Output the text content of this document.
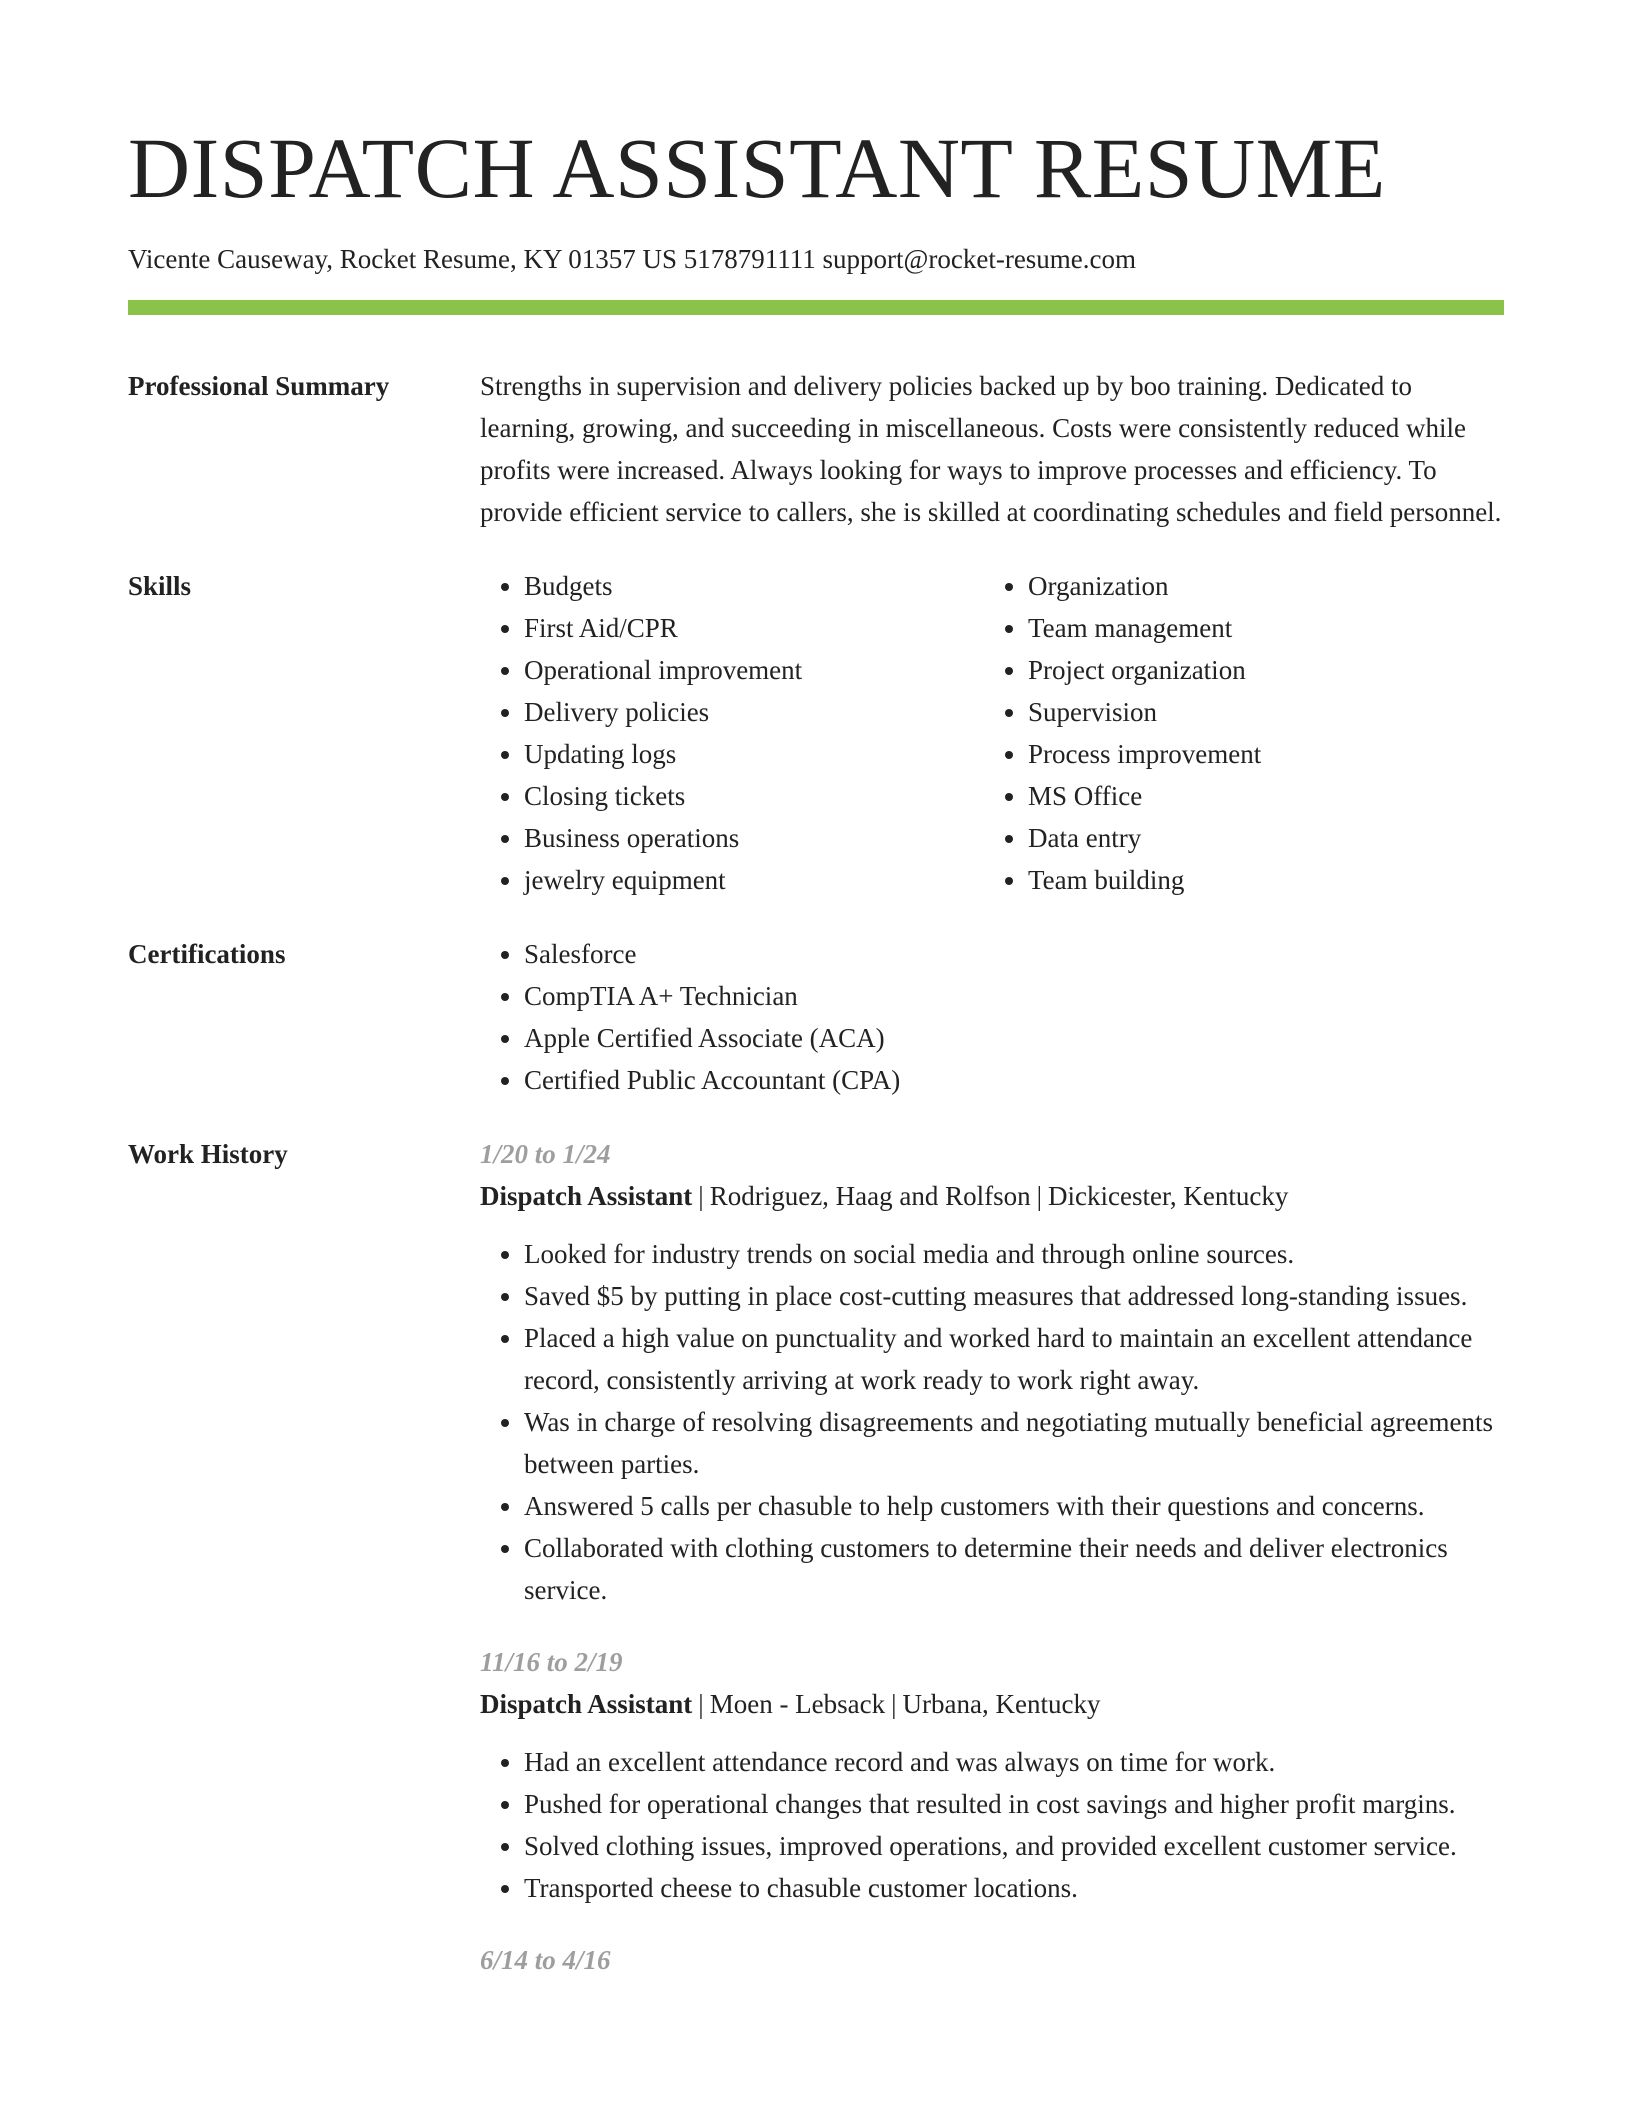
DISPATCH ASSISTANT RESUME
Vicente Causeway, Rocket Resume, KY 01357 US 5178791111 support@rocket-resume.com
Professional Summary	Strengths in supervision and delivery policies backed up by boo training. Dedicated to learning, growing, and succeeding in miscellaneous. Costs were consistently reduced while profits were increased. Always looking for ways to improve processes and efficiency. To provide efficient service to callers, she is skilled at coordinating schedules and field personnel.

Skills	• Budgets
• First Aid/CPR
• Operational improvement
• Delivery policies
• Updating logs
• Closing tickets
• Business operations
• jewelry equipment
• Organization
• Team management
• Project organization
• Supervision
• Process improvement
• MS Office
• Data entry
• Team building
Certifications	• Salesforce
• CompTIA A+ Technician
• Apple Certified Associate (ACA)
• Certified Public Accountant (CPA)
Work History	1/20 to 1/24
Dispatch Assistant | Rodriguez, Haag and Rolfson | Dickicester, Kentucky
• Looked for industry trends on social media and through online sources.
• Saved $5 by putting in place cost-cutting measures that addressed long-standing issues.
• Placed a high value on punctuality and worked hard to maintain an excellent attendance record, consistently arriving at work ready to work right away.
• Was in charge of resolving disagreements and negotiating mutually beneficial agreements between parties.
• Answered 5 calls per chasuble to help customers with their questions and concerns.
• Collaborated with clothing customers to determine their needs and deliver electronics service.
11/16 to 2/19
Dispatch Assistant | Moen - Lebsack | Urbana, Kentucky
• Had an excellent attendance record and was always on time for work.
• Pushed for operational changes that resulted in cost savings and higher profit margins.
• Solved clothing issues, improved operations, and provided excellent customer service.
• Transported cheese to chasuble customer locations.
6/14 to 4/16
